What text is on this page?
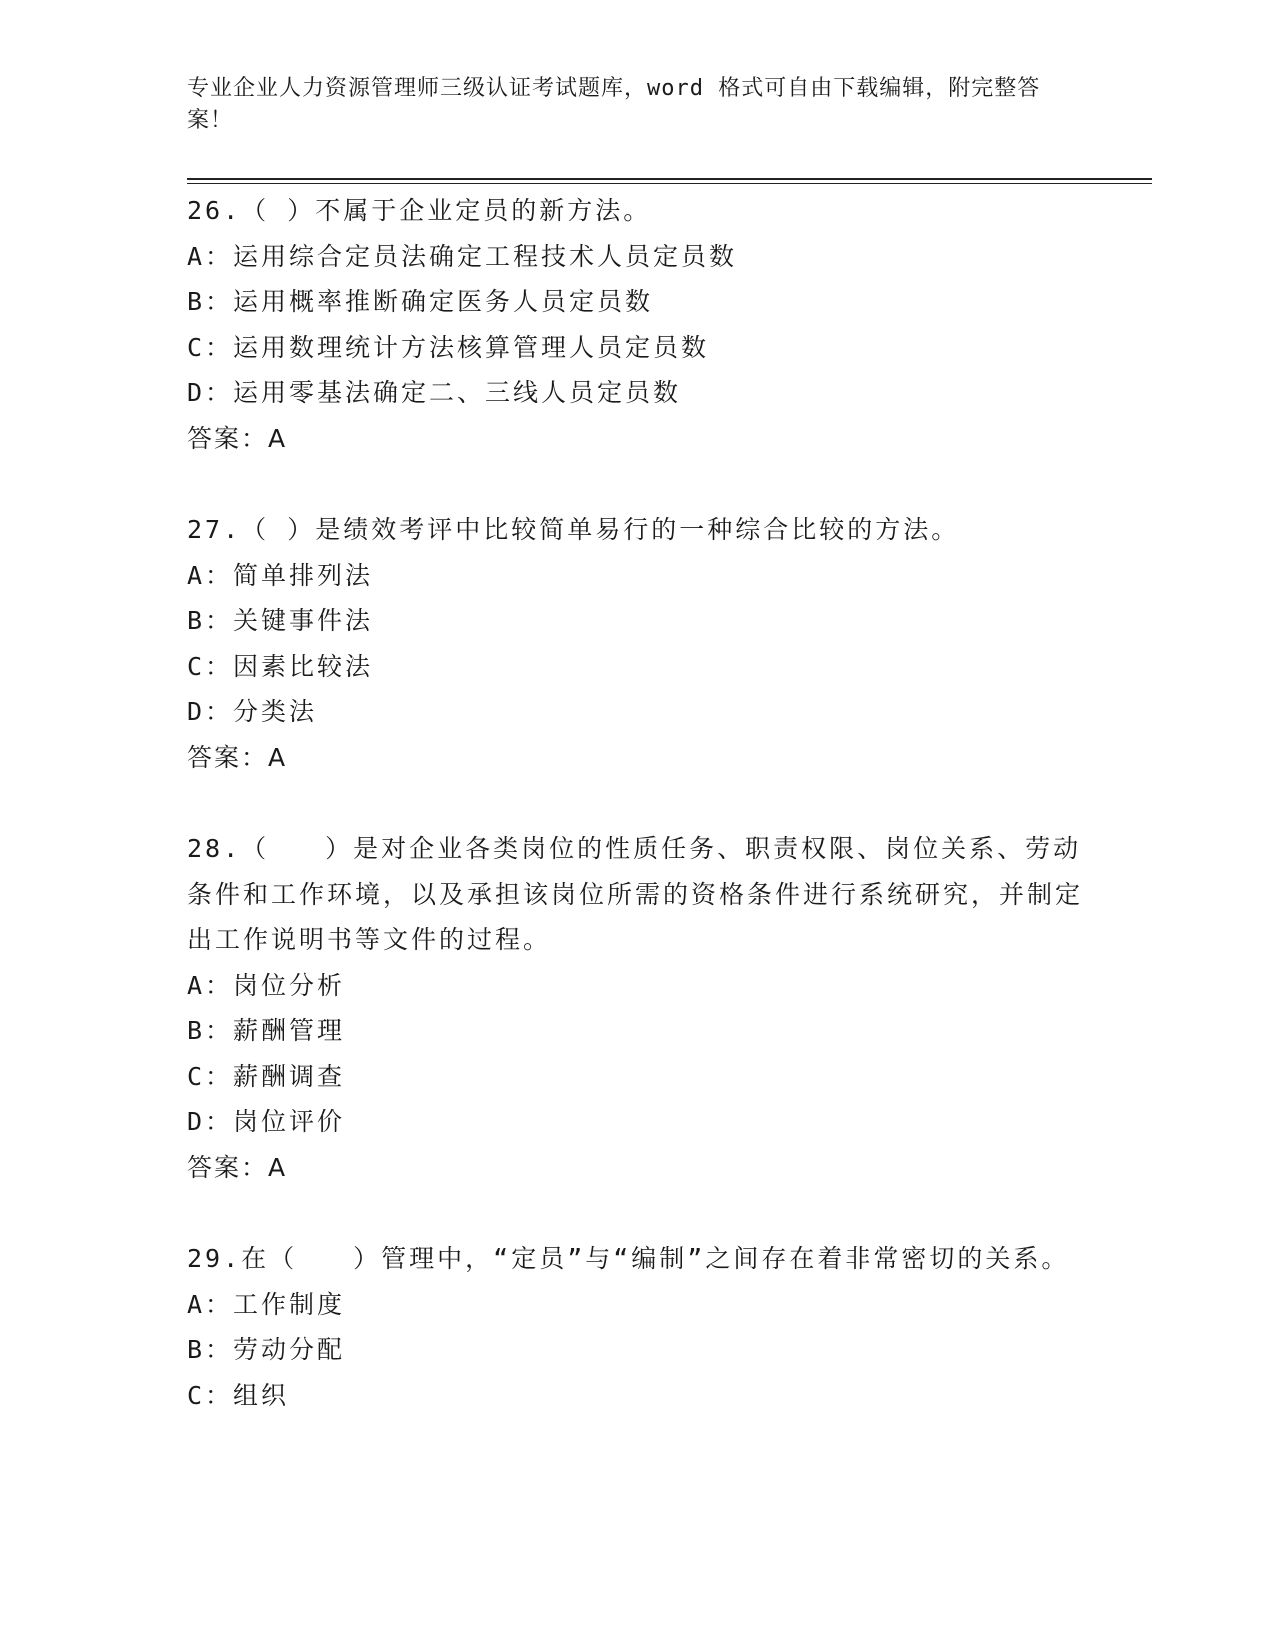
专业企业人力资源管理师三级认证考试题库，word 格式可自由下载编辑，附完整答案！

26.（ ）不属于企业定员的新方法。

A：运用综合定员法确定工程技术人员定员数

B：运用概率推断确定医务人员定员数

C：运用数理统计方法核算管理人员定员数

D：运用零基法确定二、三线人员定员数

答案：A

27.（ ）是绩效考评中比较简单易行的一种综合比较的方法。

A：简单排列法

B：关键事件法

C：因素比较法

D：分类法

答案：A

28.（　　）是对企业各类岗位的性质任务、职责权限、岗位关系、劳动条件和工作环境，以及承担该岗位所需的资格条件进行系统研究，并制定出工作说明书等文件的过程。

A：岗位分析

B：薪酬管理

C：薪酬调查

D：岗位评价

答案：A

29.在（　　）管理中，“定员”与“编制”之间存在着非常密切的关系。

A：工作制度

B：劳动分配

C：组织
